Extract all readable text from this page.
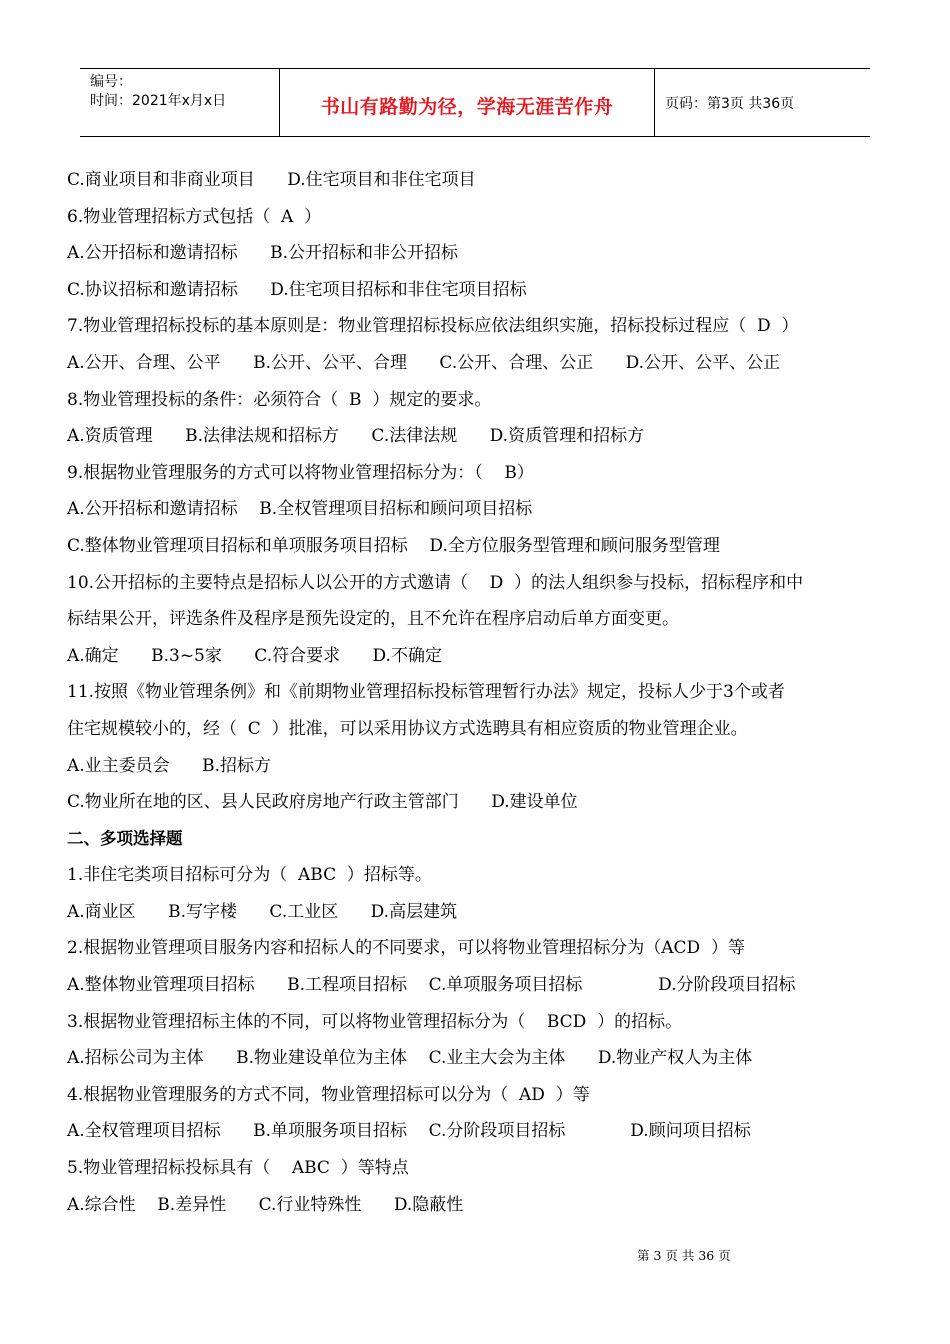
编号：
时间：2021年x月x日	书山有路勤为径，学海无涯苦作舟	页码：第3页 共36页

C.商业项目和非商业项目      D.住宅项目和非住宅项目

6.物业管理招标方式包括（  A  ）

A.公开招标和邀请招标      B.公开招标和非公开招标

C.协议招标和邀请招标      D.住宅项目招标和非住宅项目招标

7.物业管理招标投标的基本原则是：物业管理招标投标应依法组织实施，招标投标过程应（  D  ）

A.公开、合理、公平      B.公开、公平、合理      C.公开、合理、公正      D.公开、公平、公正

8.物业管理投标的条件：必须符合（  B  ）规定的要求。

A.资质管理      B.法律法规和招标方      C.法律法规      D.资质管理和招标方

9.根据物业管理服务的方式可以将物业管理招标分为：（    B）

A.公开招标和邀请招标    B.全权管理项目招标和顾问项目招标

C.整体物业管理项目招标和单项服务项目招标    D.全方位服务型管理和顾问服务型管理

10.公开招标的主要特点是招标人以公开的方式邀请（    D  ）的法人组织参与投标，招标程序和中

标结果公开，评选条件及程序是预先设定的，且不允许在程序启动后单方面变更。

A.确定      B.3~5家      C.符合要求      D.不确定

11.按照《物业管理条例》和《前期物业管理招标投标管理暂行办法》规定，投标人少于3个或者

住宅规模较小的，经（  C  ）批准，可以采用协议方式选聘具有相应资质的物业管理企业。

A.业主委员会      B.招标方

C.物业所在地的区、县人民政府房地产行政主管部门      D.建设单位

二、多项选择题

1.非住宅类项目招标可分为（  ABC  ）招标等。

A.商业区      B.写字楼      C.工业区      D.高层建筑

2.根据物业管理项目服务内容和招标人的不同要求，可以将物业管理招标分为（ACD  ）等

A.整体物业管理项目招标      B.工程项目招标    C.单项服务项目招标              D.分阶段项目招标

3.根据物业管理招标主体的不同，可以将物业管理招标分为（    BCD  ）的招标。

A.招标公司为主体      B.物业建设单位为主体    C.业主大会为主体      D.物业产权人为主体

4.根据物业管理服务的方式不同，物业管理招标可以分为（  AD  ）等

A.全权管理项目招标      B.单项服务项目招标    C.分阶段项目招标            D.顾问项目招标

5.物业管理招标投标具有（    ABC  ）等特点

A.综合性    B.差异性      C.行业特殊性      D.隐蔽性

第 3 页 共 36 页
